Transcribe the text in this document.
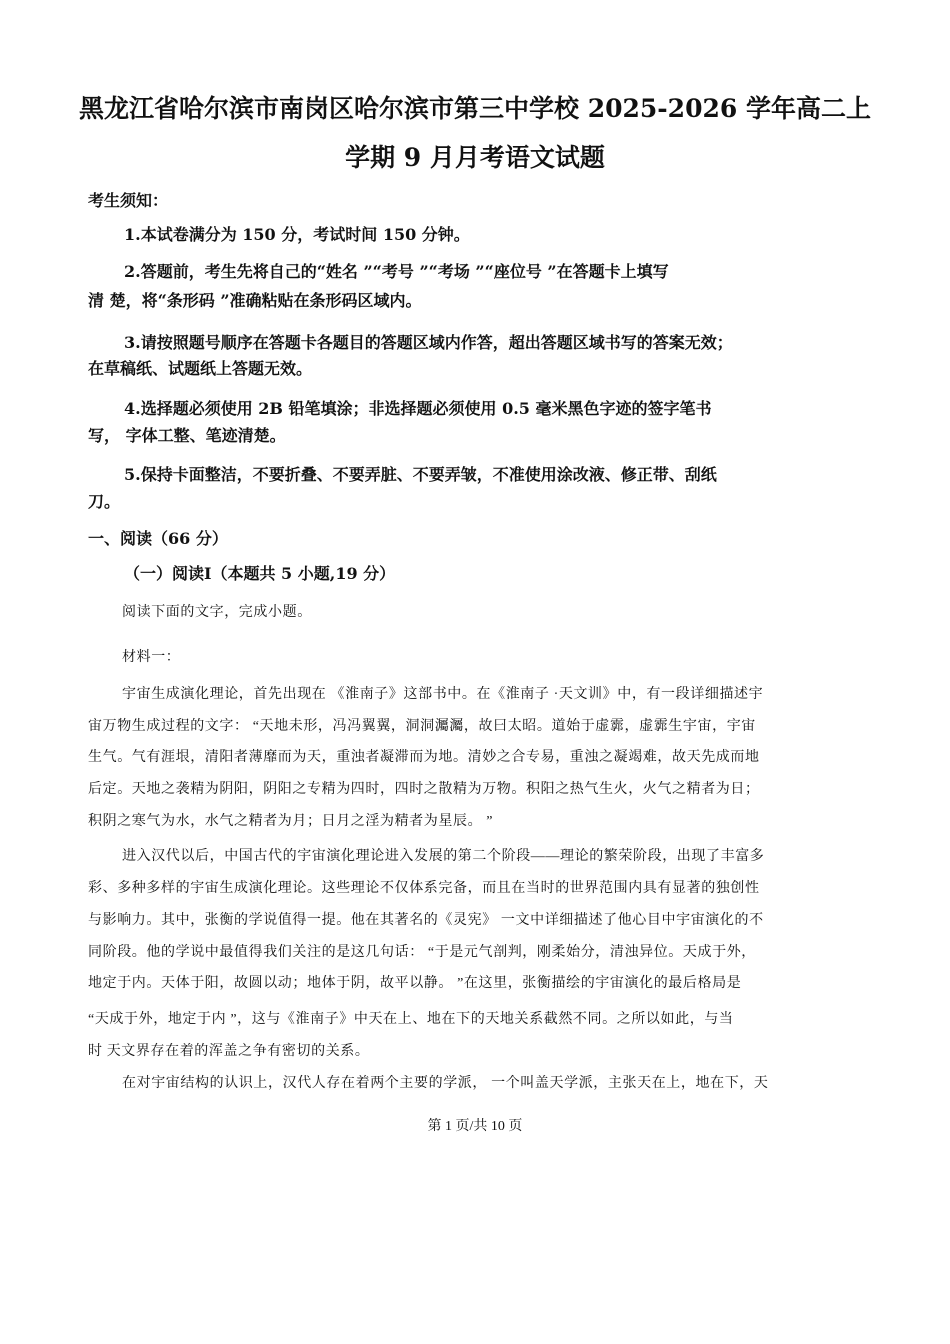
黑龙江省哈尔滨市南岗区哈尔滨市第三中学校 2025-2026 学年高二上
学期 9 月月考语文试题
考生须知：
1.本试卷满分为 150 分，考试时间 150 分钟。
2.答题前，考生先将自己的“姓名 ”“考号 ”“考场 ”“座位号 ”在答题卡上填写
清 楚，将“条形码 ”准确粘贴在条形码区域内。
3.请按照题号顺序在答题卡各题目的答题区域内作答，超出答题区域书写的答案无效；
在草稿纸、试题纸上答题无效。
4.选择题必须使用 2B 铅笔填涂；非选择题必须使用 0.5 毫米黑色字迹的签字笔书
写， 字体工整、笔迹清楚。
5.保持卡面整洁，不要折叠、不要弄脏、不要弄皱，不准使用涂改液、修正带、刮纸
刀。
一、阅读（66 分）
（一）阅读Ⅰ（本题共 5 小题,19 分）
阅读下面的文字，完成小题。
材料一：
宇宙生成演化理论，首先出现在 《淮南子》这部书中。在《淮南子 ·天文训》中，有一段详细描述宇
宙万物生成过程的文字： “天地未形，冯冯翼翼，洞洞灟灟，故曰太昭。道始于虚霩，虚霩生宇宙，宇宙
生气。气有涯垠，清阳者薄靡而为天，重浊者凝滞而为地。清妙之合专易，重浊之凝竭难，故天先成而地
后定。天地之袭精为阴阳，阴阳之专精为四时，四时之散精为万物。积阳之热气生火，火气之精者为日；
积阴之寒气为水，水气之精者为月；日月之淫为精者为星辰。 ”
进入汉代以后，中国古代的宇宙演化理论进入发展的第二个阶段——理论的繁荣阶段，出现了丰富多
彩、多种多样的宇宙生成演化理论。这些理论不仅体系完备，而且在当时的世界范围内具有显著的独创性
与影响力。其中，张衡的学说值得一提。他在其著名的《灵宪》 一文中详细描述了他心目中宇宙演化的不
同阶段。他的学说中最值得我们关注的是这几句话： “于是元气剖判，刚柔始分，清浊异位。天成于外，
地定于内。天体于阳，故圆以动；地体于阴，故平以静。 ”在这里，张衡描绘的宇宙演化的最后格局是
“天成于外，地定于内 ”，这与《淮南子》中天在上、地在下的天地关系截然不同。之所以如此，与当
时 天文界存在着的浑盖之争有密切的关系。
在对宇宙结构的认识上，汉代人存在着两个主要的学派， 一个叫盖天学派，主张天在上，地在下，天
第 1 页/共 10 页
